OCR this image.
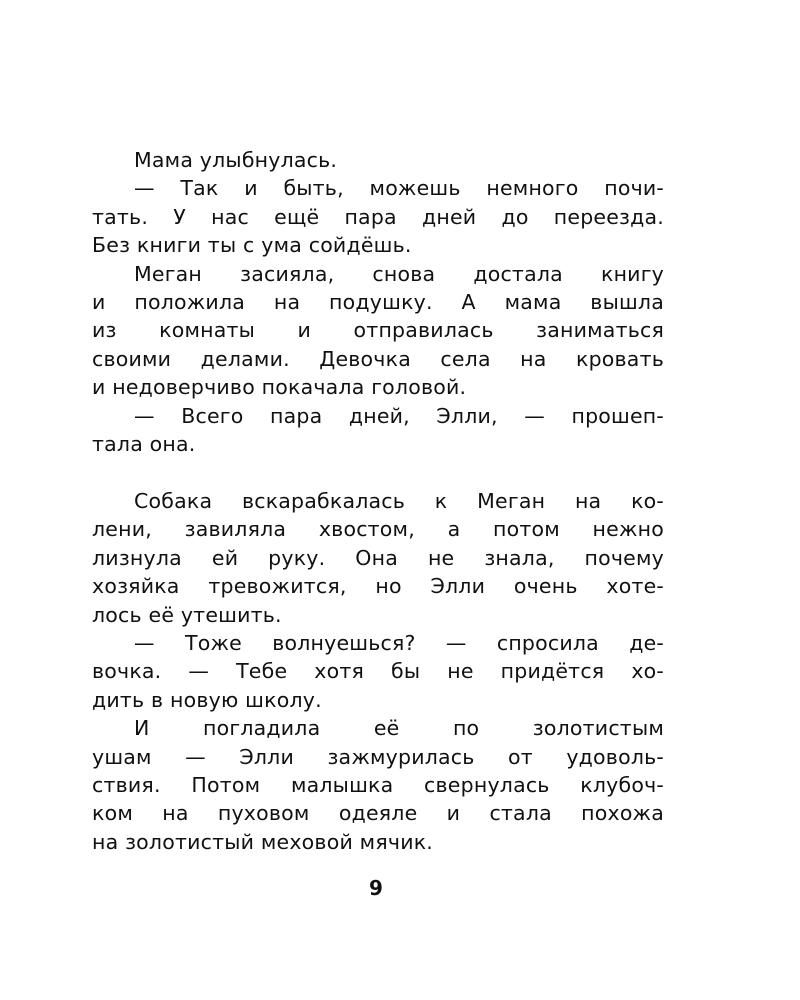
Мама улыбнулась.
— Так и быть, можешь немного почи-
тать. У нас ещё пара дней до переезда.
Без книги ты с ума сойдёшь.
Меган засияла, снова достала книгу
и положила на подушку. А мама вышла
из комнаты и отправилась заниматься
своими делами. Девочка села на кровать
и недоверчиво покачала головой.
— Всего пара дней, Элли, — прошеп-
тала она.
Собака вскарабкалась к Меган на ко-
лени, завиляла хвостом, а потом нежно
лизнула ей руку. Она не знала, почему
хозяйка тревожится, но Элли очень хоте-
лось её утешить.
— Тоже волнуешься? — спросила де-
вочка. — Тебе хотя бы не придётся хо-
дить в новую школу.
И погладила её по золотистым
ушам — Элли зажмурилась от удоволь-
ствия. Потом малышка свернулась клубоч-
ком на пуховом одеяле и стала похожа
на золотистый меховой мячик.
9
